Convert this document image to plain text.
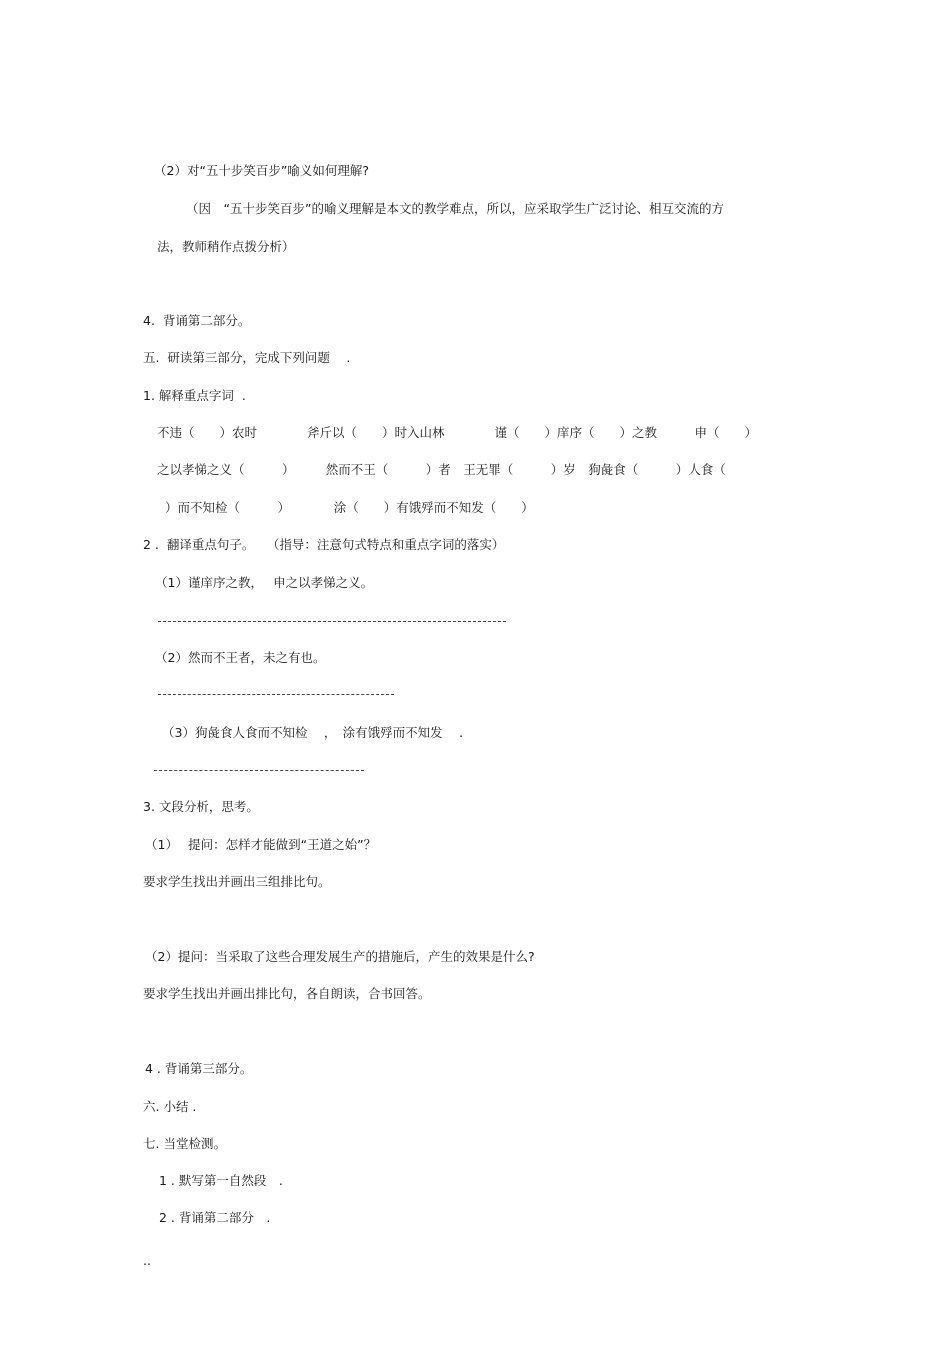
（2）对“五十步笑百步”喻义如何理解?
（因　“五十步笑百步”的喻义理解是本文的教学难点，所以，应采取学生广泛讨论、相互交流的方
法，教师稍作点拨分析）
4.  背诵第二部分。
五.  研读第三部分，完成下列问题　 .
1. 解释重点字词  .
不违（　　）农时　　　　斧斤以（　　）时入山林　　　　谨（　　）庠序（　　）之教　　　申（　　）
之以孝悌之义（　　　）　　　然而不王（　　　）者　王无罪（　　　）岁　狗彘食（　　　）人食（
）而不知检（　　　）　　　　涂（　　）有饿殍而不知发（　　）
2 .  翻译重点句子。　　（指导：注意句式特点和重点字词的落实）
（1）谨庠序之教，　 申之以孝悌之义。
（2）然而不王者，未之有也。
（3）狗彘食人食而不知检　 ，　涂有饿殍而不知发　 .
3. 文段分析，思考。
（1）　 提问：怎样才能做到“王道之始”？
要求学生找出并画出三组排比句。
（2）提问：当采取了这些合理发展生产的措施后，产生的效果是什么?
要求学生找出并画出排比句，各自朗读，合书回答。
4 . 背诵第三部分。
六. 小结 .
七. 当堂检测。
1 . 默写第一自然段　.
2 . 背诵第二部分　.
..
